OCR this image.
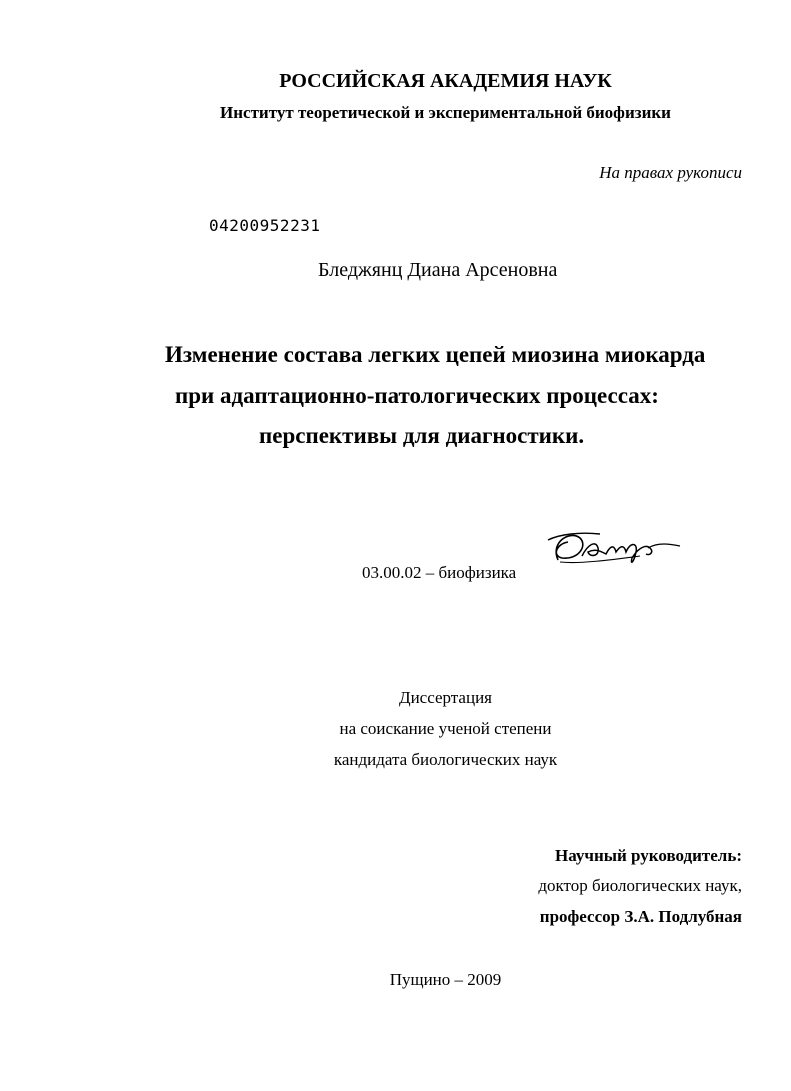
РОССИЙСКАЯ АКАДЕМИЯ НАУК
Институт теоретической и экспериментальной биофизики
На правах рукописи
04200952231
Бледжянц Диана Арсеновна
Изменение состава легких цепей миозина миокарда
при адаптационно-патологических процессах:
перспективы для диагностики.
03.00.02 – биофизика
Диссертация
на соискание ученой степени
кандидата биологических наук
Научный руководитель:
доктор биологических наук,
профессор З.А. Подлубная
Пущино – 2009
